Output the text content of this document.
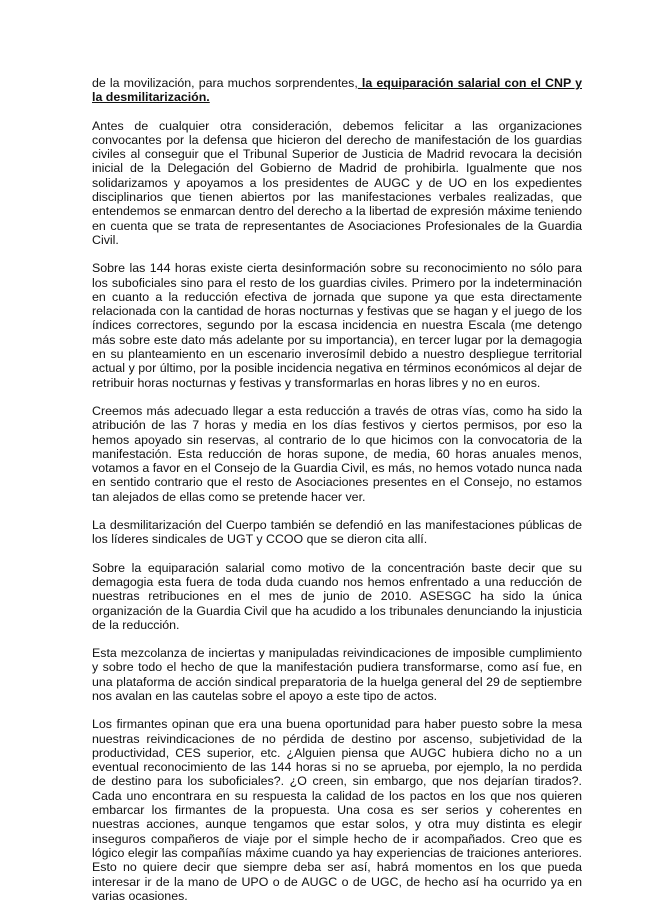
de la movilización, para muchos sorprendentes, la equiparación salarial con el CNP y la desmilitarización.

Antes de cualquier otra consideración, debemos felicitar a las organizaciones convocantes por la defensa que hicieron del derecho de manifestación de los guardias civiles al conseguir que el Tribunal Superior de Justicia de Madrid revocara la decisión inicial de la Delegación del Gobierno de Madrid de prohibirla. Igualmente que nos solidarizamos y apoyamos a los presidentes de AUGC y de UO en los expedientes disciplinarios que tienen abiertos por las manifestaciones verbales realizadas, que entendemos se enmarcan dentro del derecho a la libertad de expresión máxime teniendo en cuenta que se trata de representantes de Asociaciones Profesionales de la Guardia Civil.

Sobre las 144 horas existe cierta desinformación sobre su reconocimiento no sólo para los suboficiales sino para el resto de los guardias civiles. Primero por la indeterminación en cuanto a la reducción efectiva de jornada que supone ya que esta directamente relacionada con la cantidad de horas nocturnas y festivas que se hagan y el juego de los índices correctores, segundo por la escasa incidencia en nuestra Escala (me detengo más sobre este dato más adelante por su importancia), en tercer lugar por la demagogia en su planteamiento en un escenario inverosímil debido a nuestro despliegue territorial actual y por último, por la posible incidencia negativa en términos económicos al dejar de retribuir horas nocturnas y festivas y transformarlas en horas libres y no en euros.

Creemos más adecuado llegar a esta reducción a través de otras vías, como ha sido la atribución de las 7 horas y media en los días festivos y ciertos permisos, por eso la hemos apoyado sin reservas, al contrario de lo que hicimos con la convocatoria de la manifestación. Esta reducción de horas supone, de media, 60 horas anuales menos, votamos a favor en el Consejo de la Guardia Civil, es más, no hemos votado nunca nada en sentido contrario que el resto de Asociaciones presentes en el Consejo, no estamos tan alejados de ellas como se pretende hacer ver.

La desmilitarización del Cuerpo también se defendió en las manifestaciones públicas de los líderes sindicales de UGT y CCOO que se dieron cita allí.

Sobre la equiparación salarial como motivo de la concentración baste decir que su demagogia esta fuera de toda duda cuando nos hemos enfrentado a una reducción de nuestras retribuciones en el mes de junio de 2010. ASESGC ha sido la única organización de la Guardia Civil que ha acudido a los tribunales denunciando la injusticia de la reducción.

Esta mezcolanza de inciertas y manipuladas reivindicaciones de imposible cumplimiento y sobre todo el hecho de que la manifestación pudiera transformarse, como así fue, en una plataforma de acción sindical preparatoria de la huelga general del 29 de septiembre nos avalan en las cautelas sobre el apoyo a este tipo de actos.

Los firmantes opinan que era una buena oportunidad para haber puesto sobre la mesa nuestras reivindicaciones de no pérdida de destino por ascenso, subjetividad de la productividad, CES superior, etc. ¿Alguien piensa que AUGC hubiera dicho no a un eventual reconocimiento de las 144 horas si no se aprueba, por ejemplo, la no perdida de destino para los suboficiales?. ¿O creen, sin embargo, que nos dejarían tirados?. Cada uno encontrara en su respuesta la calidad de los pactos en los que nos quieren embarcar los firmantes de la propuesta. Una cosa es ser serios y coherentes en nuestras acciones, aunque tengamos que estar solos, y otra muy distinta es elegir inseguros compañeros de viaje por el simple hecho de ir acompañados. Creo que es lógico elegir las compañías máxime cuando ya hay experiencias de traiciones anteriores. Esto no quiere decir que siempre deba ser así, habrá momentos en los que pueda interesar ir de la mano de UPO o de AUGC o de UGC, de hecho así ha ocurrido ya en varias ocasiones.
